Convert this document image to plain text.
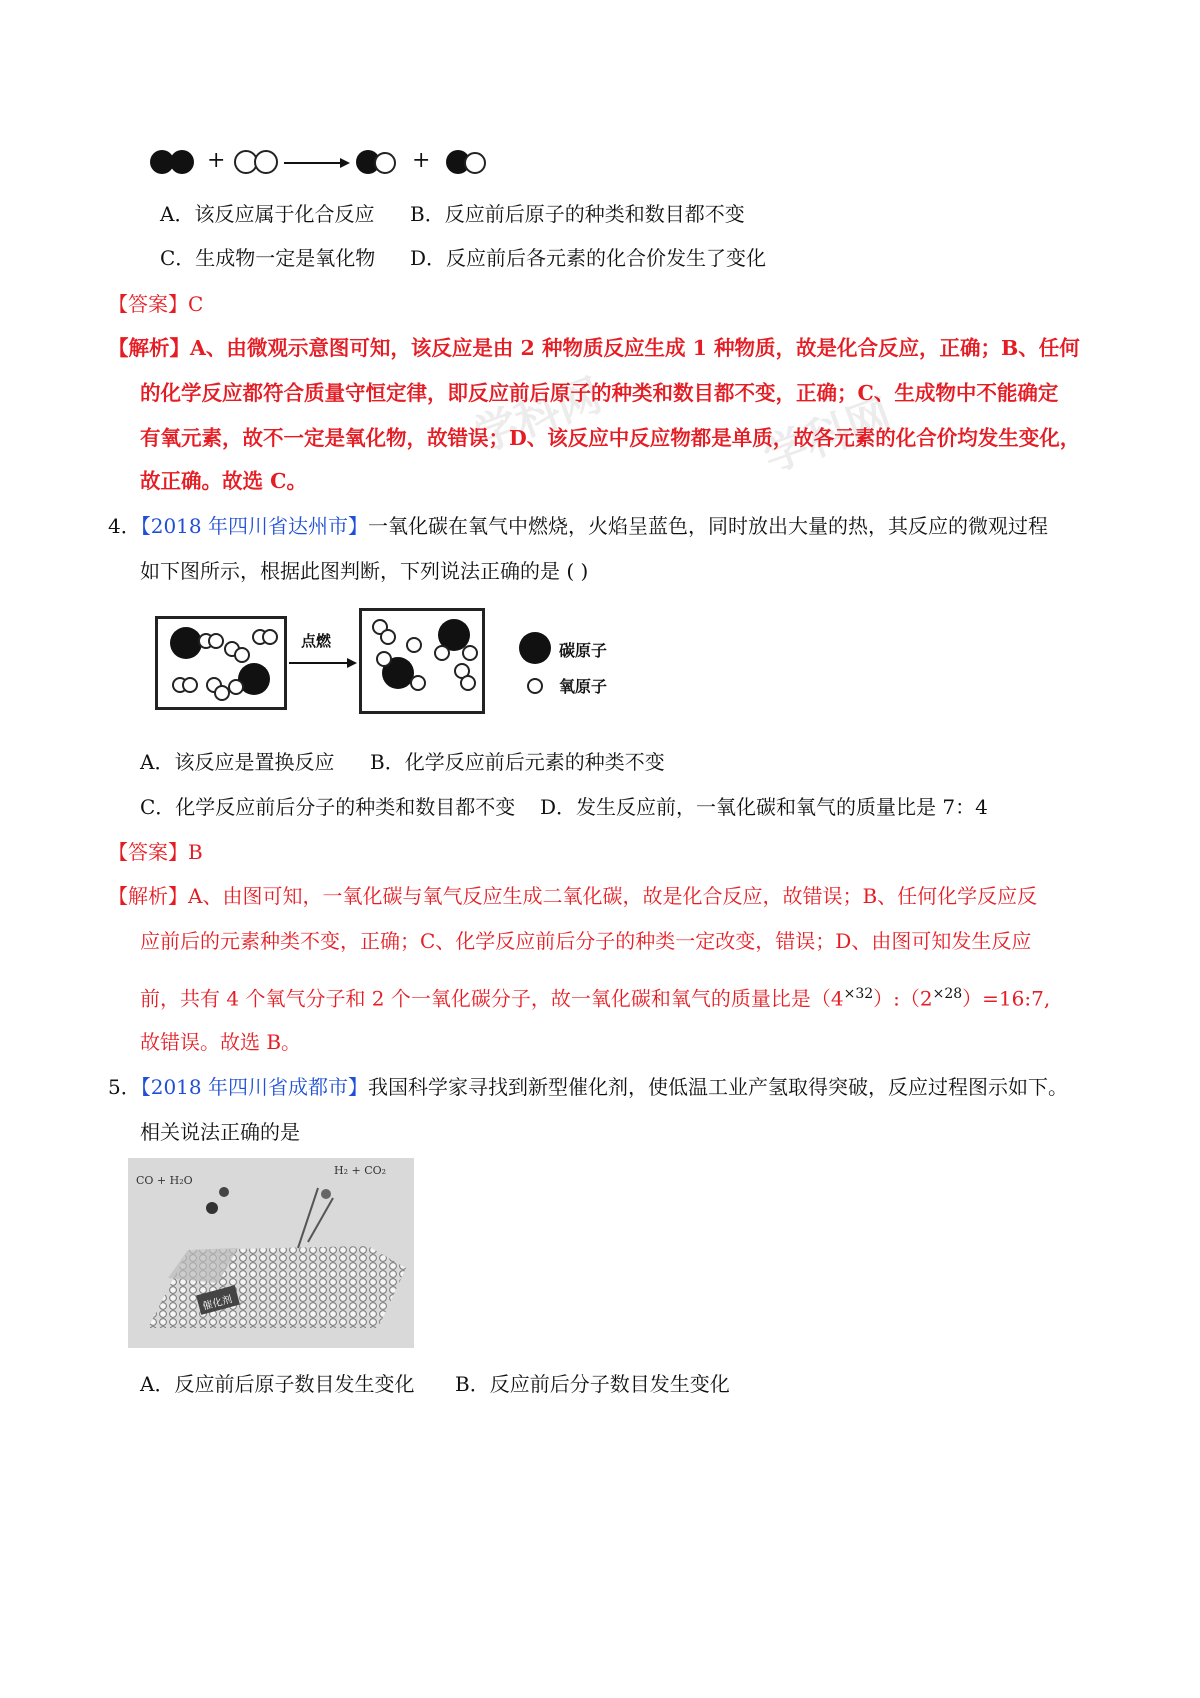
学科网	学科网
+	+
A．该反应属于化合反应 B．反应前后原子的种类和数目都不变
C．生成物一定是氧化物 D．反应前后各元素的化合价发生了变化
【答案】C
【解析】A、由微观示意图可知，该反应是由 2 种物质反应生成 1 种物质，故是化合反应，正确；B、任何
的化学反应都符合质量守恒定律，即反应前后原子的种类和数目都不变，正确；C、生成物中不能确定
有氧元素，故不一定是氧化物，故错误；D、该反应中反应物都是单质，故各元素的化合价均发生变化，
故正确。故选 C。
4．【2018 年四川省达州市】一氧化碳在氧气中燃烧，火焰呈蓝色，同时放出大量的热，其反应的微观过程
如下图所示，根据此图判断，下列说法正确的是 ( )
点燃	碳原子
氧原子
A．该反应是置换反应 B．化学反应前后元素的种类不变
C．化学反应前后分子的种类和数目都不变 D．发生反应前，一氧化碳和氧气的质量比是 7：4
【答案】B
【解析】A、由图可知，一氧化碳与氧气反应生成二氧化碳，故是化合反应，故错误；B、任何化学反应反
应前后的元素种类不变，正确；C、化学反应前后分子的种类一定改变，错误；D、由图可知发生反应
前，共有 4 个氧气分子和 2 个一氧化碳分子，故一氧化碳和氧气的质量比是$(4^{\times 32}):(2^{\times 28})=16:7$,
故错误。故选 B。
5．【2018 年四川省成都市】我国科学家寻找到新型催化剂，使低温工业产氢取得突破，反应过程图示如下。
相关说法正确的是
CO + H₂O
H₂ + CO₂
催化剂
A．反应前后原子数目发生变化 B．反应前后分子数目发生变化
